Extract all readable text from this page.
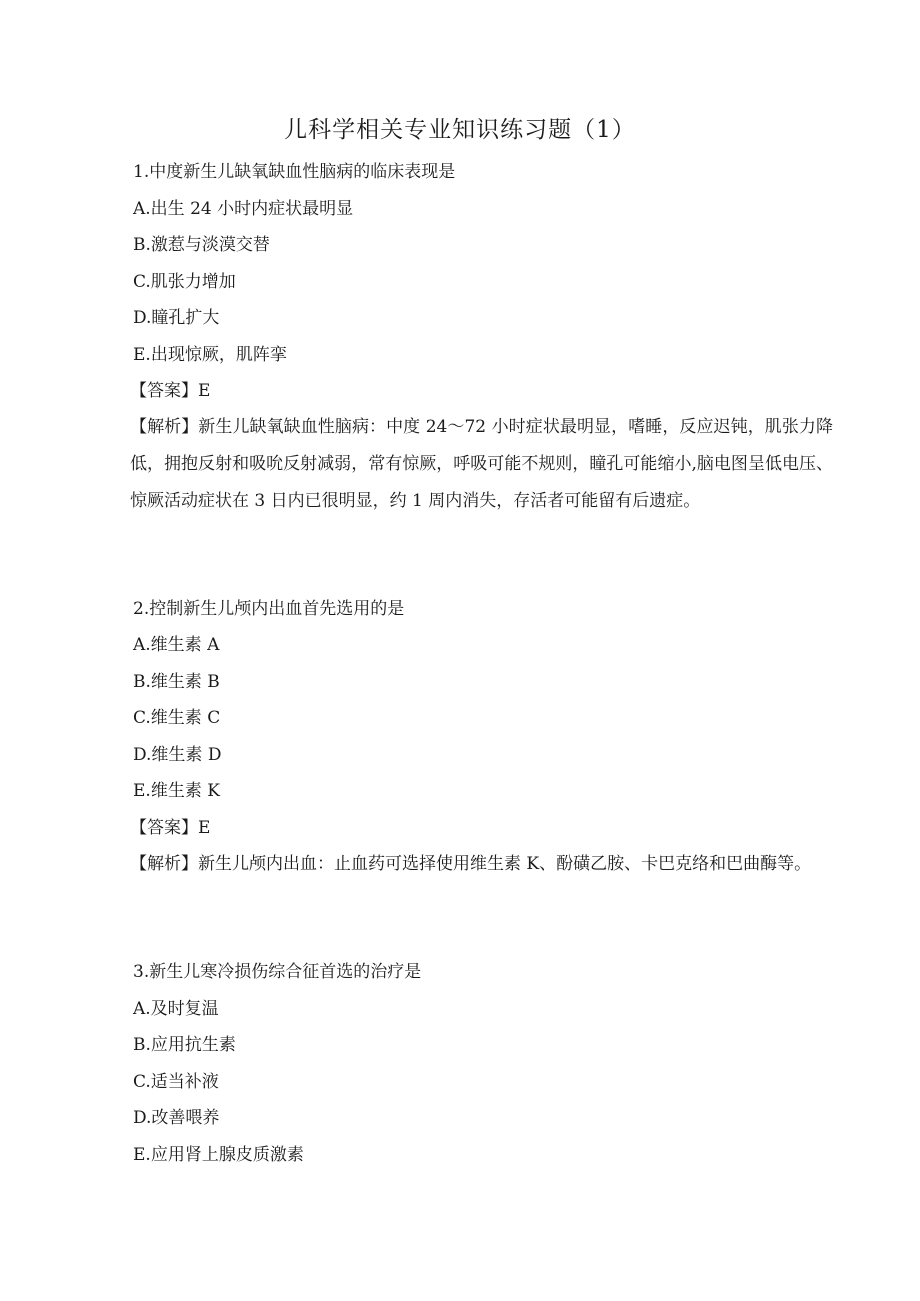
儿科学相关专业知识练习题（1）
1.中度新生儿缺氧缺血性脑病的临床表现是
A.出生 24 小时内症状最明显
B.激惹与淡漠交替
C.肌张力增加
D.瞳孔扩大
E.出现惊厥，肌阵挛
【答案】E
【解析】新生儿缺氧缺血性脑病：中度 24～72 小时症状最明显，嗜睡，反应迟钝，肌张力降低，拥抱反射和吸吮反射减弱，常有惊厥，呼吸可能不规则，瞳孔可能缩小,脑电图呈低电压、惊厥活动症状在 3 日内已很明显，约 1 周内消失，存活者可能留有后遗症。
2.控制新生儿颅内出血首先选用的是
A.维生素 A
B.维生素 B
C.维生素 C
D.维生素 D
E.维生素 K
【答案】E
【解析】新生儿颅内出血：止血药可选择使用维生素 K、酚磺乙胺、卡巴克络和巴曲酶等。
3.新生儿寒冷损伤综合征首选的治疗是
A.及时复温
B.应用抗生素
C.适当补液
D.改善喂养
E.应用肾上腺皮质激素
